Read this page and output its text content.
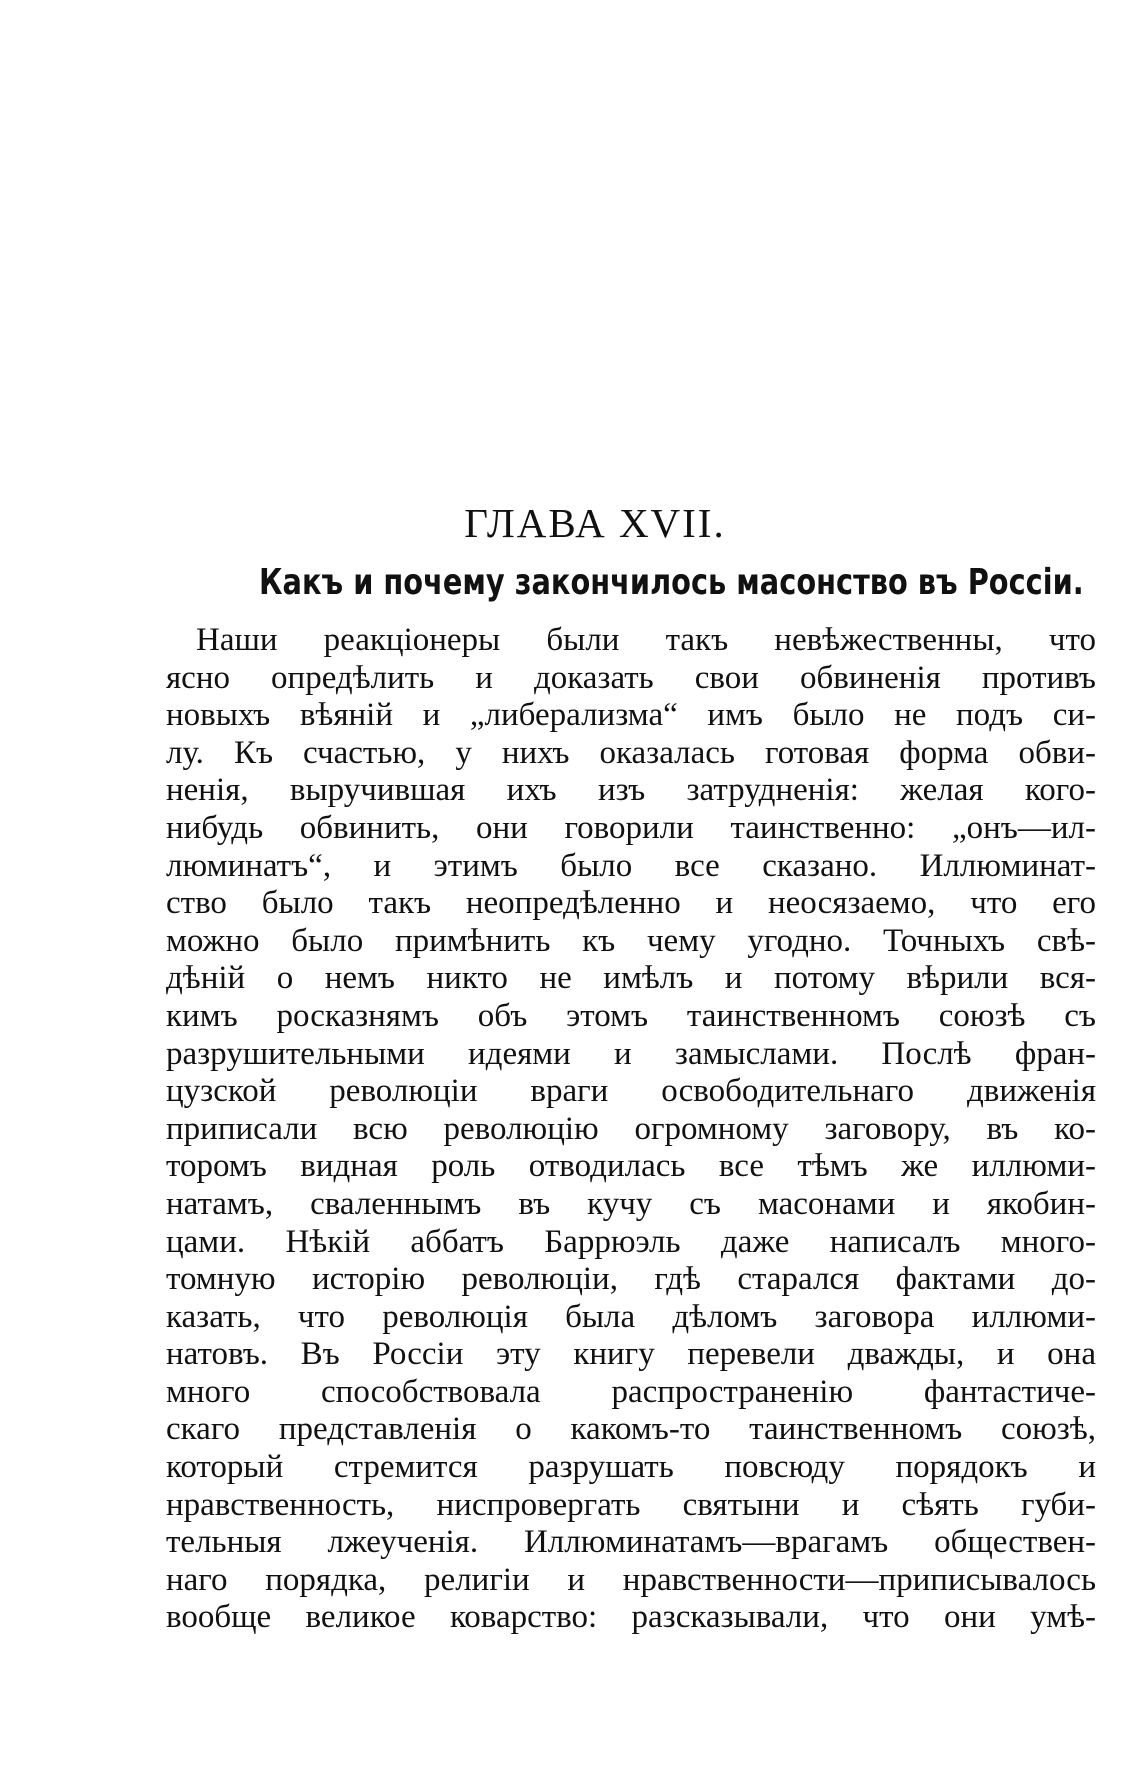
ГЛАВА XVII.
Какъ и почему закончилось масонство въ Россіи.
Наши реакціонеры были такъ невѣжественны, что
ясно опредѣлить и доказать свои обвиненія противъ
новыхъ вѣяній и „либерализма“ имъ было не подъ си-
лу. Къ счастью, у нихъ оказалась готовая форма обви-
ненія, выручившая ихъ изъ затрудненія: желая кого-
нибудь обвинить, они говорили таинственно: „онъ—ил-
люминатъ“, и этимъ было все сказано. Иллюминат-
ство было такъ неопредѣленно и неосязаемо, что его
можно было примѣнить къ чему угодно. Точныхъ свѣ-
дѣній о немъ никто не имѣлъ и потому вѣрили вся-
кимъ росказнямъ объ этомъ таинственномъ союзѣ съ
разрушительными идеями и замыслами. Послѣ фран-
цузской революціи враги освободительнаго движенія
приписали всю революцію огромному заговору, въ ко-
торомъ видная роль отводилась все тѣмъ же иллюми-
натамъ, сваленнымъ въ кучу съ масонами и якобин-
цами. Нѣкій аббатъ Баррюэль даже написалъ много-
томную исторію революціи, гдѣ старался фактами до-
казать, что революція была дѣломъ заговора иллюми-
натовъ. Въ Россіи эту книгу перевели дважды, и она
много способствовала распространенію фантастиче-
скаго представленія о какомъ-то таинственномъ союзѣ,
который стремится разрушать повсюду порядокъ и
нравственность, ниспровергать святыни и сѣять губи-
тельныя лжеученія. Иллюминатамъ—врагамъ обществен-
наго порядка, религіи и нравственности—приписывалось
вообще великое коварство: разсказывали, что они умѣ-
